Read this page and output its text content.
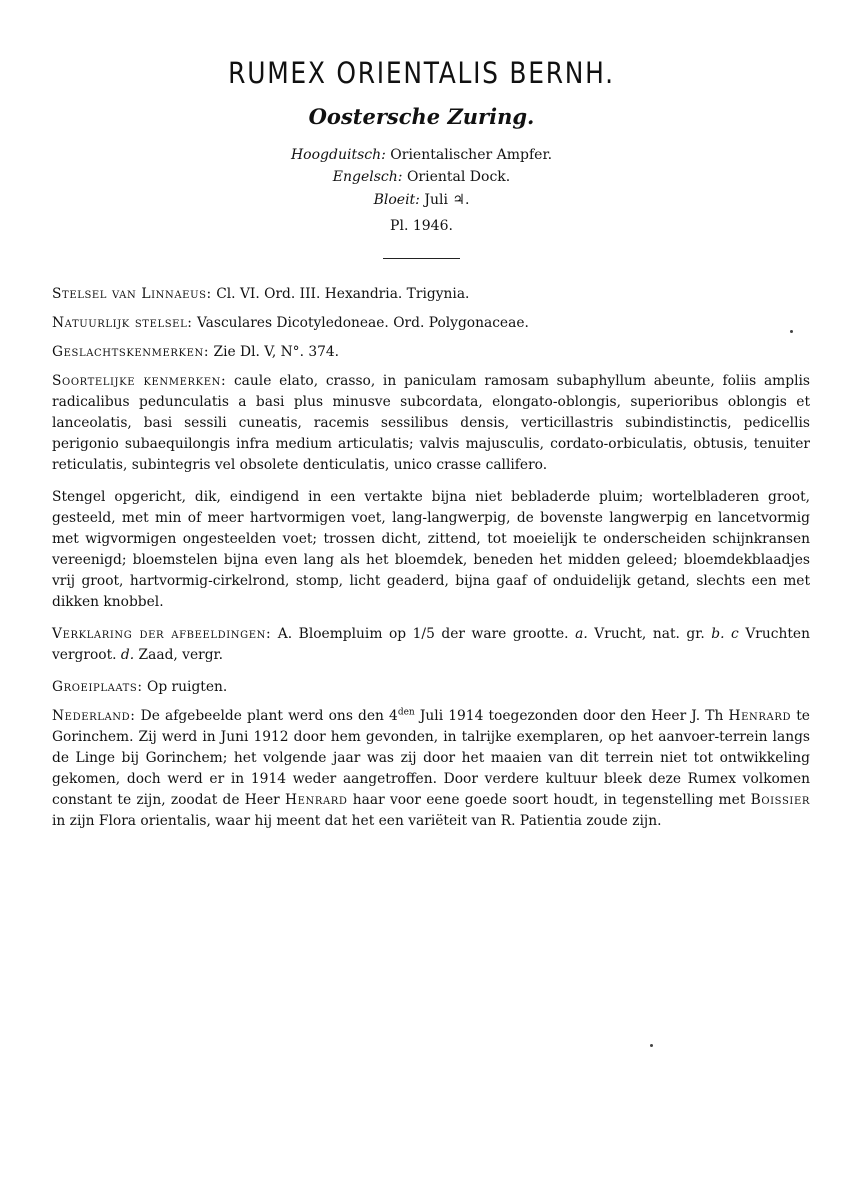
RUMEX ORIENTALIS BERNH.

Oostersche Zuring.

Hoogduitsch: Orientalischer Ampfer.

Engelsch: Oriental Dock.

Bloeit: Juli ♃.

Pl. 1946.

Stelsel van Linnaeus: Cl. VI. Ord. III. Hexandria. Trigynia.

Natuurlijk stelsel: Vasculares Dicotyledoneae. Ord. Polygonaceae.

Geslachtskenmerken: Zie Dl. V, N°. 374.

Soortelijke kenmerken: caule elato, crasso, in paniculam ramosam subaphyllum abeunte, foliis amplis radicalibus pedunculatis a basi plus minusve subcordata, elongato-oblongis, superioribus oblongis et lanceolatis, basi sessili cuneatis, racemis sessilibus densis, verticillastris subindistinctis, pedicellis perigonio subaequilongis infra medium articulatis; valvis majusculis, cordato-orbiculatis, obtusis, tenuiter reticulatis, subintegris vel obsolete denticulatis, unico crasse callifero.

Stengel opgericht, dik, eindigend in een vertakte bijna niet bebladerde pluim; wortelbladeren groot, gesteeld, met min of meer hartvormigen voet, lang-langwerpig, de bovenste langwerpig en lancetvormig met wigvormigen ongesteelden voet; trossen dicht, zittend, tot moeielijk te onderscheiden schijnkransen vereenigd; bloemstelen bijna even lang als het bloemdek, beneden het midden geleed; bloemdekblaadjes vrij groot, hartvormig-cirkelrond, stomp, licht geaderd, bijna gaaf of onduidelijk getand, slechts een met dikken knobbel.

Verklaring der afbeeldingen: A. Bloempluim op 1/5 der ware grootte. a. Vrucht, nat. gr. b. c Vruchten vergroot. d. Zaad, vergr.

Groeiplaats: Op ruigten.

Nederland: De afgebeelde plant werd ons den $4^{den}$ Juli 1914 toegezonden door den Heer J. Th Henrard te Gorinchem. Zij werd in Juni 1912 door hem gevonden, in talrijke exemplaren, op het aanvoer-terrein langs de Linge bij Gorinchem; het volgende jaar was zij door het maaien van dit terrein niet tot ontwikkeling gekomen, doch werd er in 1914 weder aangetroffen. Door verdere kultuur bleek deze Rumex volkomen constant te zijn, zoodat de Heer Henrard haar voor eene goede soort houdt, in tegenstelling met Boissier in zijn Flora orientalis, waar hij meent dat het een variëteit van R. Patientia zoude zijn.
